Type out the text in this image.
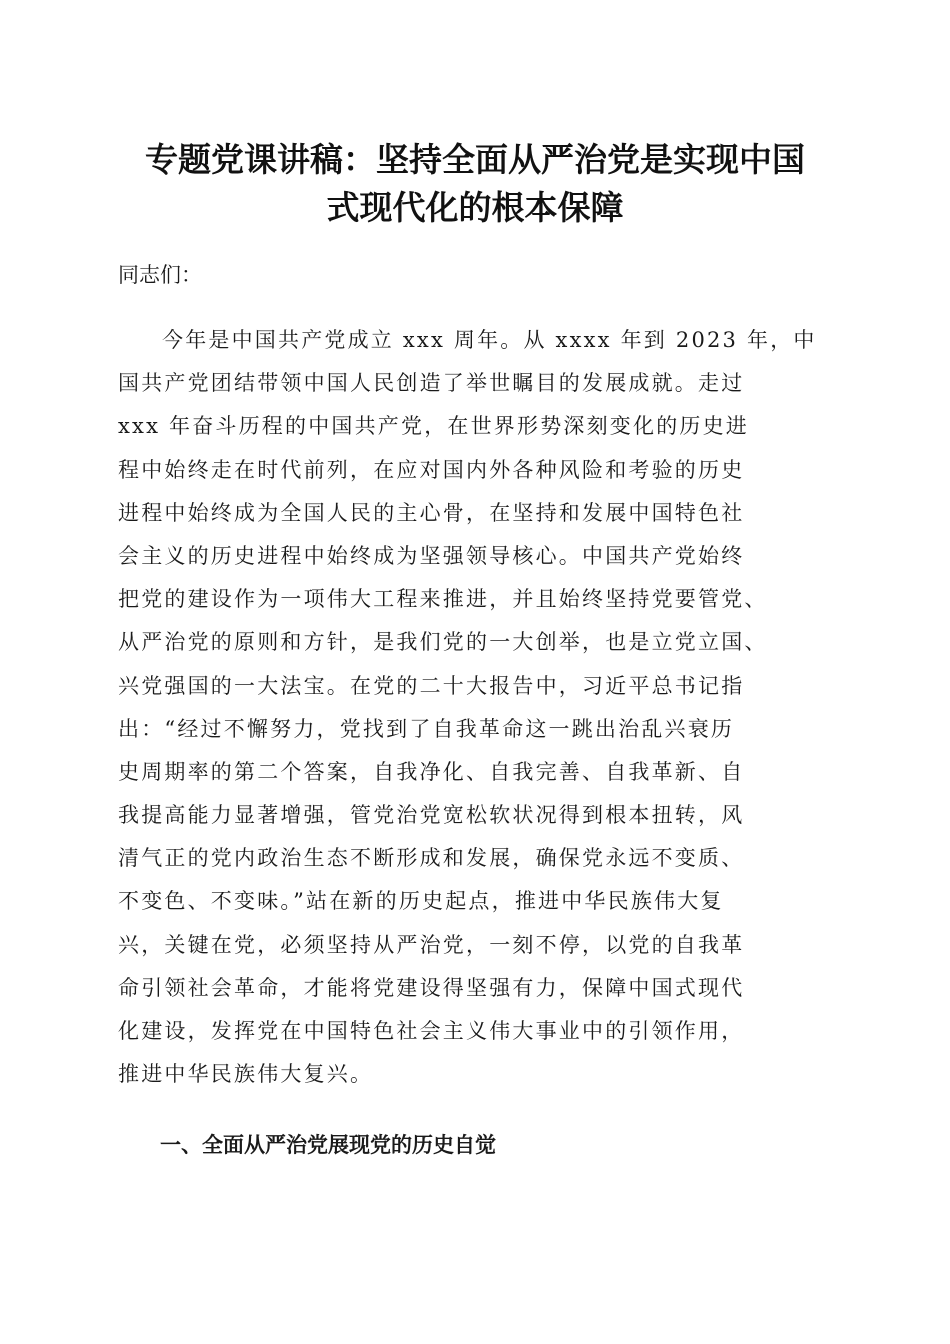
专题党课讲稿：坚持全面从严治党是实现中国
式现代化的根本保障

同志们：

今年是中国共产党成立 xxx 周年。从 xxxx 年到 2023 年，中
国共产党团结带领中国人民创造了举世瞩目的发展成就。走过
xxx 年奋斗历程的中国共产党，在世界形势深刻变化的历史进
程中始终走在时代前列，在应对国内外各种风险和考验的历史
进程中始终成为全国人民的主心骨，在坚持和发展中国特色社
会主义的历史进程中始终成为坚强领导核心。中国共产党始终
把党的建设作为一项伟大工程来推进，并且始终坚持党要管党、
从严治党的原则和方针，是我们党的一大创举，也是立党立国、
兴党强国的一大法宝。在党的二十大报告中，习近平总书记指
出：“经过不懈努力，党找到了自我革命这一跳出治乱兴衰历
史周期率的第二个答案，自我净化、自我完善、自我革新、自
我提高能力显著增强，管党治党宽松软状况得到根本扭转，风
清气正的党内政治生态不断形成和发展，确保党永远不变质、
不变色、不变味。”站在新的历史起点，推进中华民族伟大复
兴，关键在党，必须坚持从严治党，一刻不停，以党的自我革
命引领社会革命，才能将党建设得坚强有力，保障中国式现代
化建设，发挥党在中国特色社会主义伟大事业中的引领作用，
推进中华民族伟大复兴。
一、全面从严治党展现党的历史自觉
